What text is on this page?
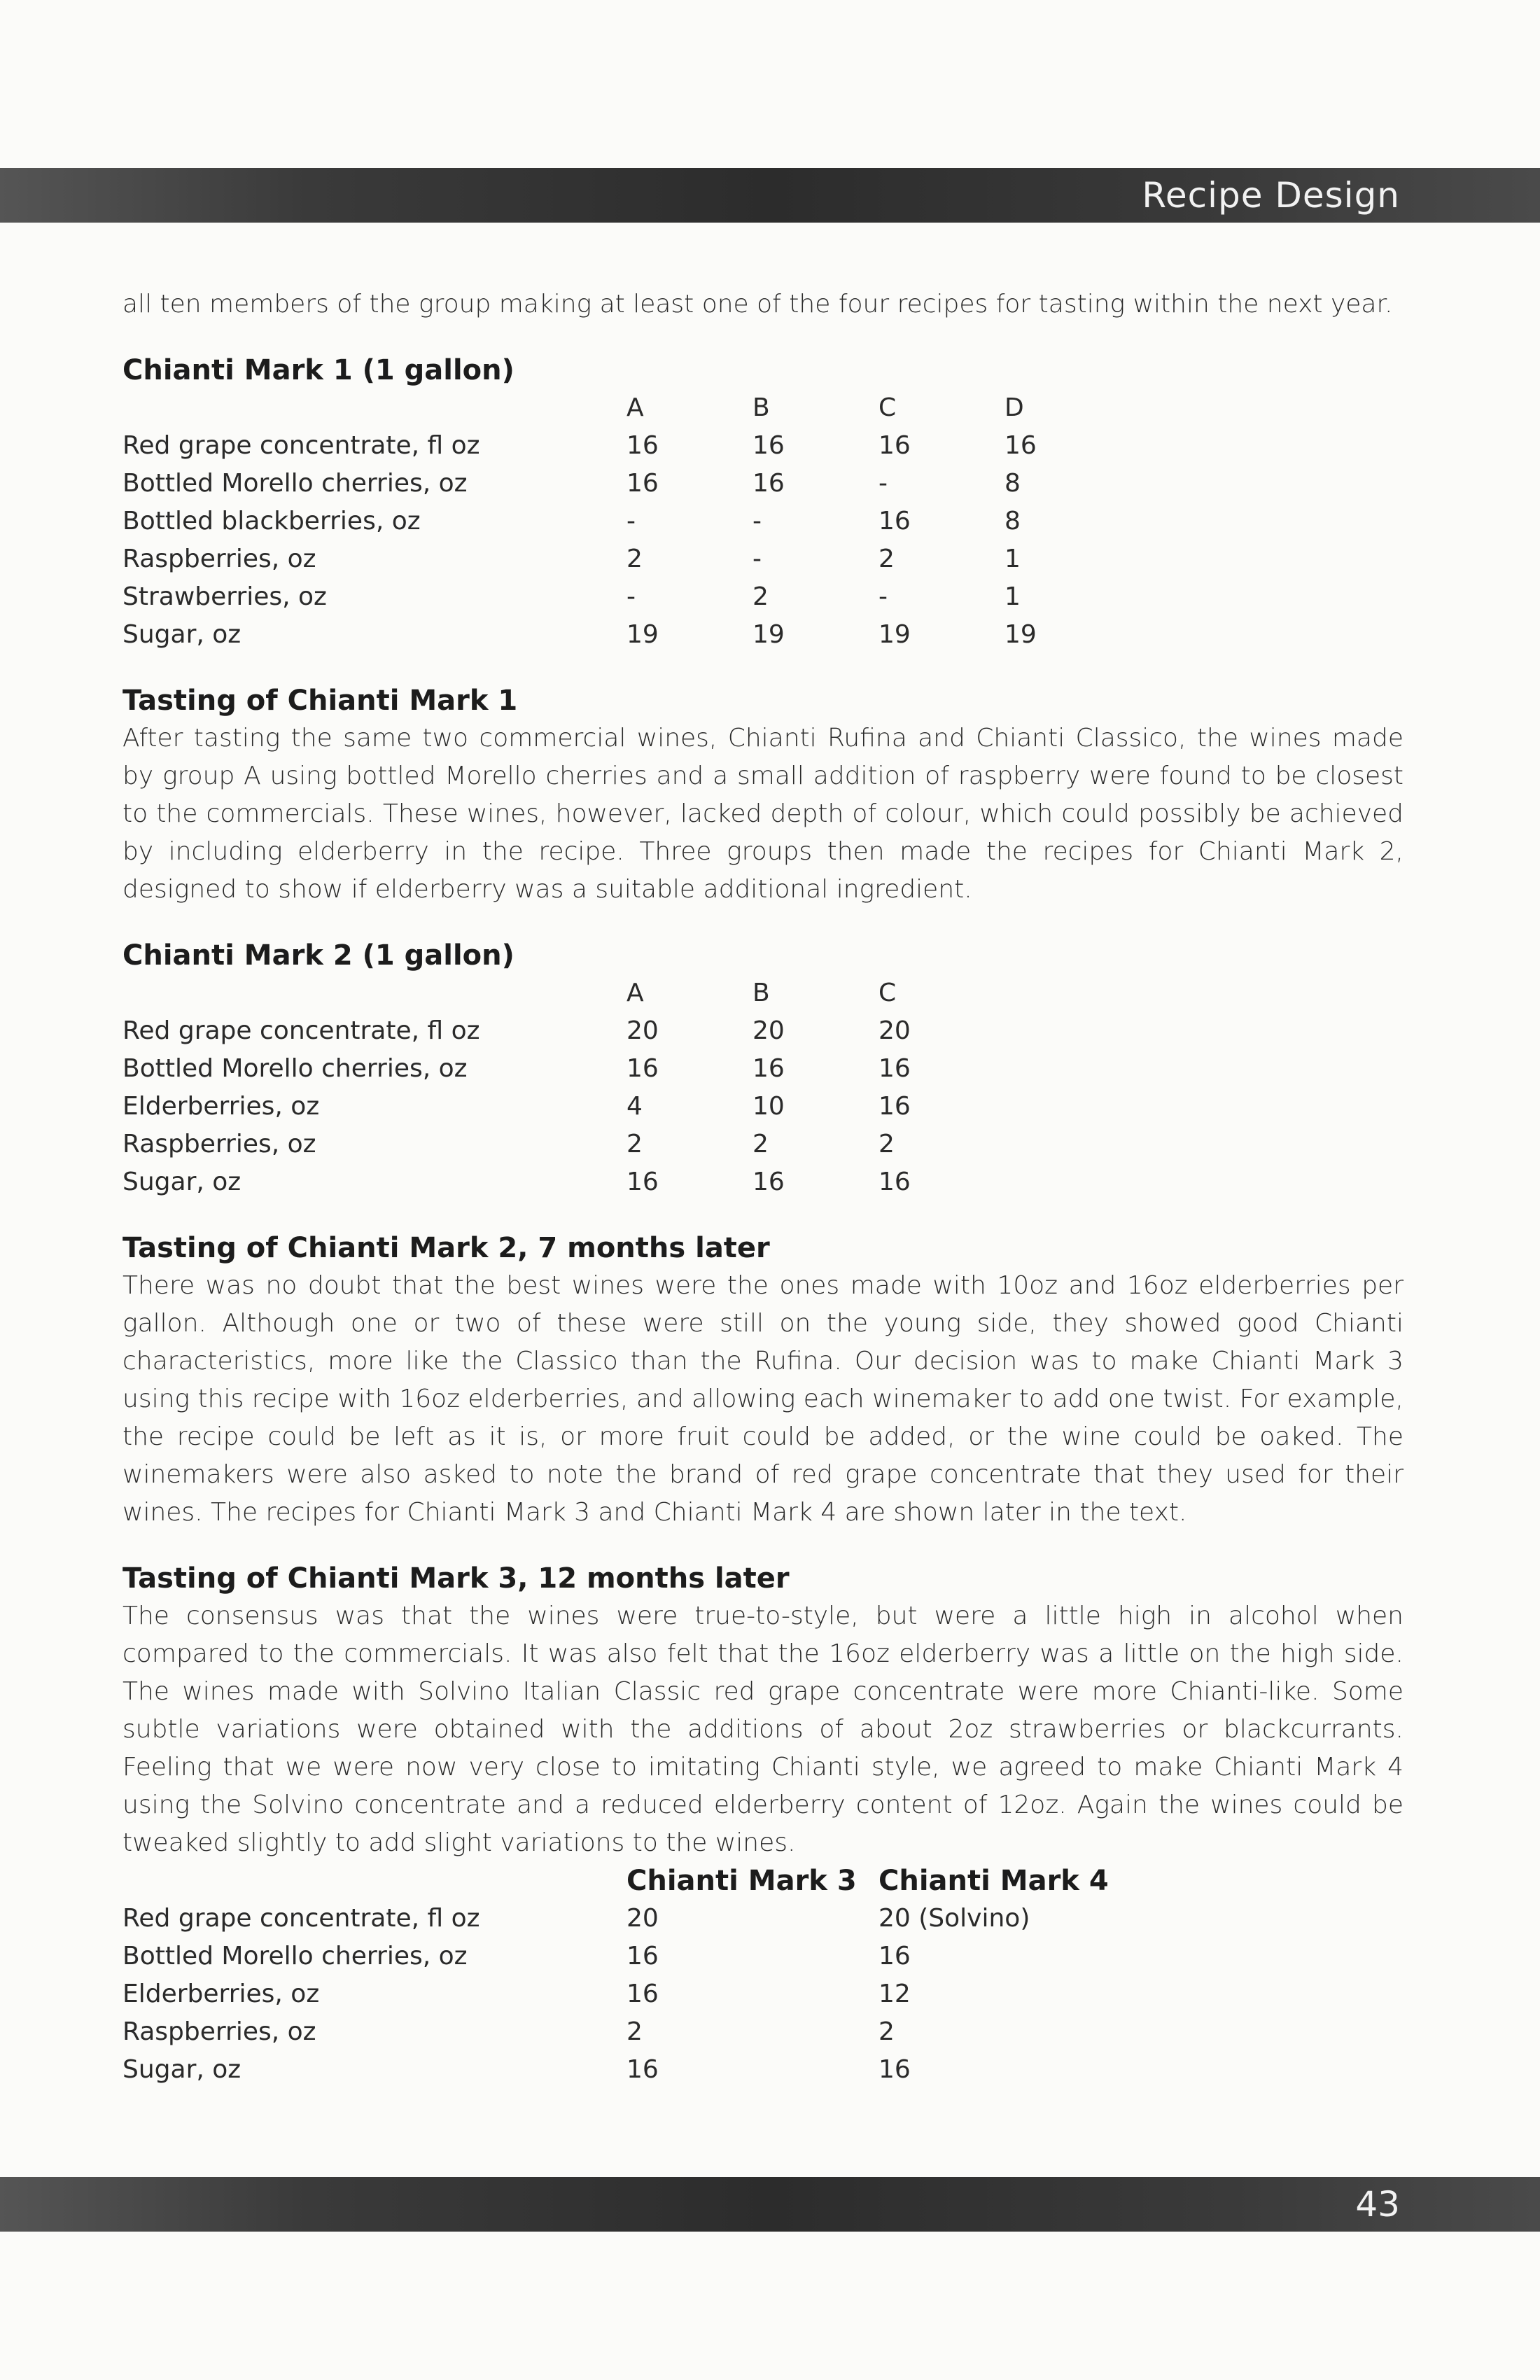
Recipe Design

all ten members of the group making at least one of the four recipes for tasting within the next year.

Chianti Mark 1 (1 gallon)

	A	B	C	D
Red grape concentrate, fl oz	16	16	16	16
Bottled Morello cherries, oz	16	16	-	8
Bottled blackberries, oz	-	-	16	8
Raspberries, oz	2	-	2	1
Strawberries, oz	-	2	-	1
Sugar, oz	19	19	19	19

Tasting of Chianti Mark 1

After tasting the same two commercial wines, Chianti Rufina and Chianti Classico, the wines made by group A using bottled Morello cherries and a small addition of raspberry were found to be closest to the commercials. These wines, however, lacked depth of colour, which could possibly be achieved by including elderberry in the recipe. Three groups then made the recipes for Chianti Mark 2, designed to show if elderberry was a suitable additional ingredient.

Chianti Mark 2 (1 gallon)

	A	B	C
Red grape concentrate, fl oz	20	20	20
Bottled Morello cherries, oz	16	16	16
Elderberries, oz	4	10	16
Raspberries, oz	2	2	2
Sugar, oz	16	16	16

Tasting of Chianti Mark 2, 7 months later

There was no doubt that the best wines were the ones made with 10oz and 16oz elderberries per gallon. Although one or two of these were still on the young side, they showed good Chianti characteristics, more like the Classico than the Rufina. Our decision was to make Chianti Mark 3 using this recipe with 16oz elderberries, and allowing each winemaker to add one twist. For example, the recipe could be left as it is, or more fruit could be added, or the wine could be oaked. The winemakers were also asked to note the brand of red grape concentrate that they used for their wines. The recipes for Chianti Mark 3 and Chianti Mark 4 are shown later in the text.

Tasting of Chianti Mark 3, 12 months later

The consensus was that the wines were true-to-style, but were a little high in alcohol when compared to the commercials. It was also felt that the 16oz elderberry was a little on the high side. The wines made with Solvino Italian Classic red grape concentrate were more Chianti-like. Some subtle variations were obtained with the additions of about 2oz strawberries or blackcurrants. Feeling that we were now very close to imitating Chianti style, we agreed to make Chianti Mark 4 using the Solvino concentrate and a reduced elderberry content of 12oz. Again the wines could be tweaked slightly to add slight variations to the wines.

	Chianti Mark 3	Chianti Mark 4
Red grape concentrate, fl oz	20	20 (Solvino)
Bottled Morello cherries, oz	16	16
Elderberries, oz	16	12
Raspberries, oz	2	2
Sugar, oz	16	16
43
